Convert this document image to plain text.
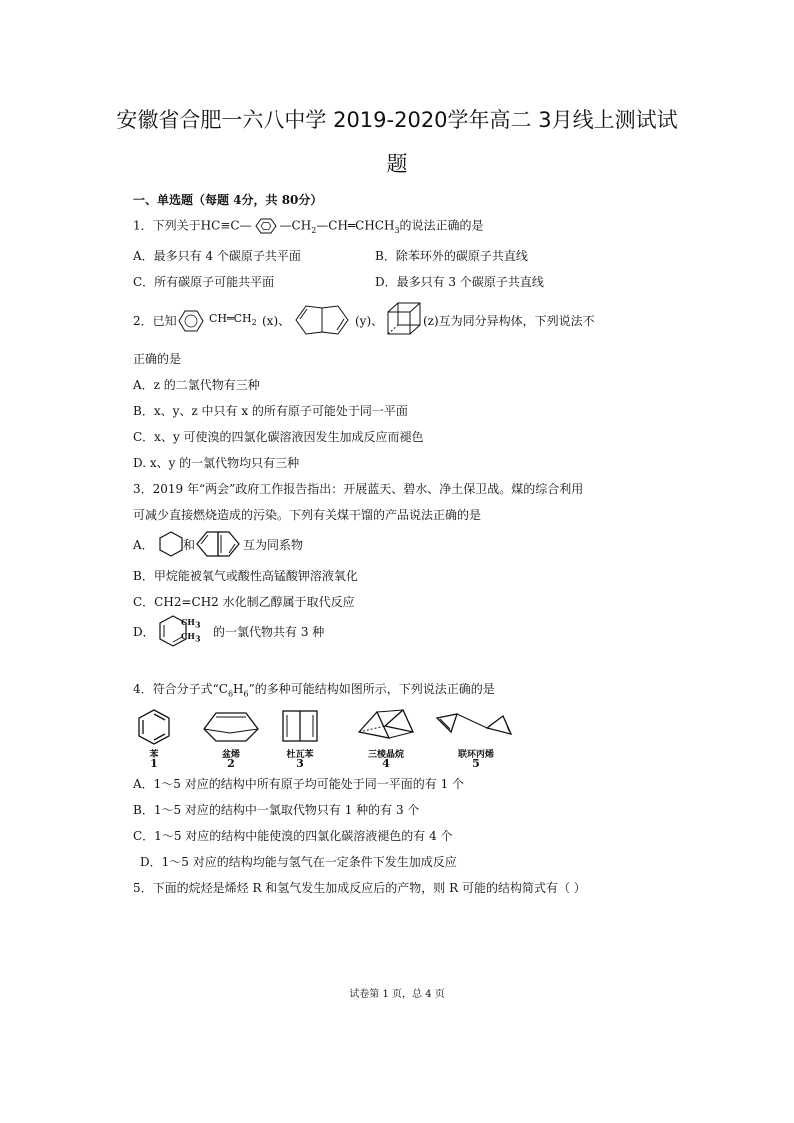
安徽省合肥一六八中学 2019-2020学年高二 3月线上测试试
题
一、单选题（每题 4分，共 80分）
1．下列关于HC≡C— $—CH_2—CH═CHCH_3$的说法正确的是
A．最多只有 4 个碳原子共平面	B．除苯环外的碳原子共直线
C．所有碳原子可能共平面	D．最多只有 3 个碳原子共直线
2．已知	$CH═CH_2$ (x)、	(y)、	(z)互为同分异构体，下列说法不
正确的是
A．z 的二氯代物有三种
B．x、y、z 中只有 x 的所有原子可能处于同一平面
C．x、y 可使溴的四氯化碳溶液因发生加成反应而褪色
D. x、y 的一氯代物均只有三种
3．2019 年“两会”政府工作报告指出：开展蓝天、碧水、净土保卫战。煤的综合利用
可减少直接燃烧造成的污染。下列有关煤干馏的产品说法正确的是
A． 和	互为同系物
B．甲烷能被氧气或酸性高锰酸钾溶液氧化
C．CH2=CH2 水化制乙醇属于取代反应
D．
$CH_3$
$CH_3$ 的一氯代物共有 3 种
4．符合分子式“$C_6H_6$”的多种可能结构如图所示，下列说法正确的是
苯
1
盆烯
2
杜瓦苯
3
三棱晶烷
4
联环丙烯
5
A．1～5 对应的结构中所有原子均可能处于同一平面的有 1 个
B．1～5 对应的结构中一氯取代物只有 1 种的有 3 个
C．1～5 对应的结构中能使溴的四氯化碳溶液褪色的有 4 个
D．1～5 对应的结构均能与氢气在一定条件下发生加成反应
5．下面的烷烃是烯烃 R 和氢气发生加成反应后的产物，则 R 可能的结构简式有（ ）
试卷第 1 页，总 4 页
